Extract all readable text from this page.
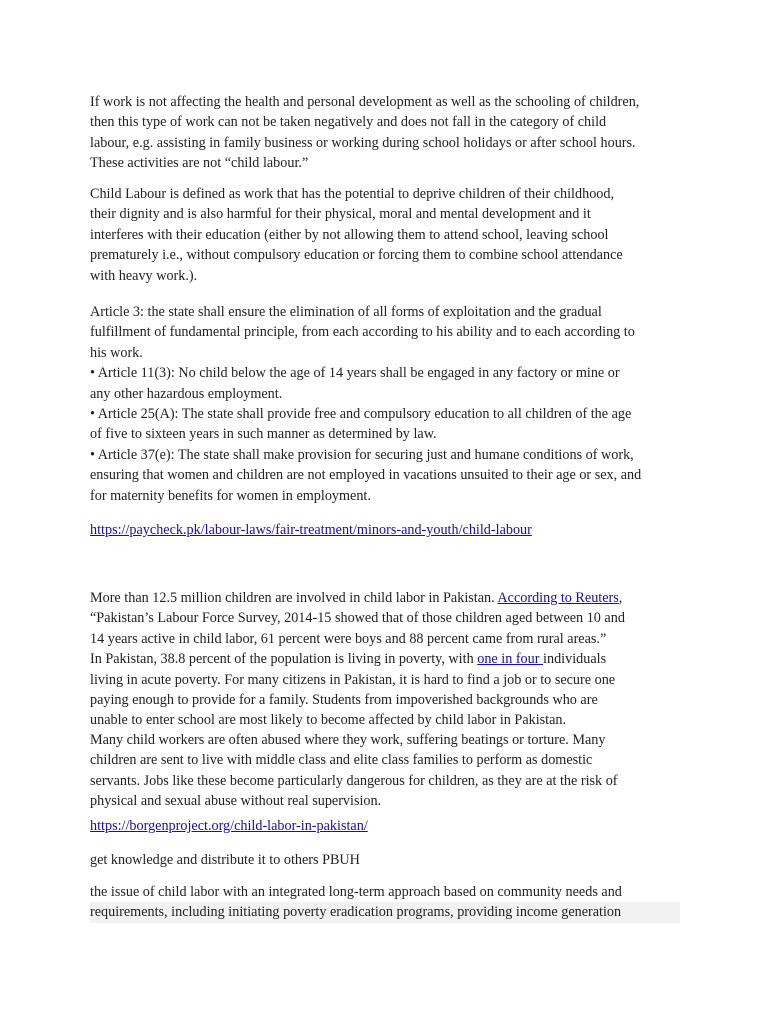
If work is not affecting the health and personal development as well as the schooling of children,
then this type of work can not be taken negatively and does not fall in the category of child
labour, e.g. assisting in family business or working during school holidays or after school hours.
These activities are not “child labour.”
Child Labour is defined as work that has the potential to deprive children of their childhood,
their dignity and is also harmful for their physical, moral and mental development and it
interferes with their education (either by not allowing them to attend school, leaving school
prematurely i.e., without compulsory education or forcing them to combine school attendance
with heavy work.).
Article 3: the state shall ensure the elimination of all forms of exploitation and the gradual
fulfillment of fundamental principle, from each according to his ability and to each according to
his work.
• Article 11(3): No child below the age of 14 years shall be engaged in any factory or mine or
any other hazardous employment.
• Article 25(A): The state shall provide free and compulsory education to all children of the age
of five to sixteen years in such manner as determined by law.
• Article 37(e): The state shall make provision for securing just and humane conditions of work,
ensuring that women and children are not employed in vacations unsuited to their age or sex, and
for maternity benefits for women in employment.
https://paycheck.pk/labour-laws/fair-treatment/minors-and-youth/child-labour
More than 12.5 million children are involved in child labor in Pakistan. According to Reuters,
“Pakistan’s Labour Force Survey, 2014-15 showed that of those children aged between 10 and
14 years active in child labor, 61 percent were boys and 88 percent came from rural areas.”
In Pakistan, 38.8 percent of the population is living in poverty, with one in four individuals
living in acute poverty. For many citizens in Pakistan, it is hard to find a job or to secure one
paying enough to provide for a family. Students from impoverished backgrounds who are
unable to enter school are most likely to become affected by child labor in Pakistan.
Many child workers are often abused where they work, suffering beatings or torture. Many
children are sent to live with middle class and elite class families to perform as domestic
servants. Jobs like these become particularly dangerous for children, as they are at the risk of
physical and sexual abuse without real supervision.
https://borgenproject.org/child-labor-in-pakistan/
get knowledge and distribute it to others PBUH
the issue of child labor with an integrated long-term approach based on community needs and
requirements, including initiating poverty eradication programs, providing income generation
